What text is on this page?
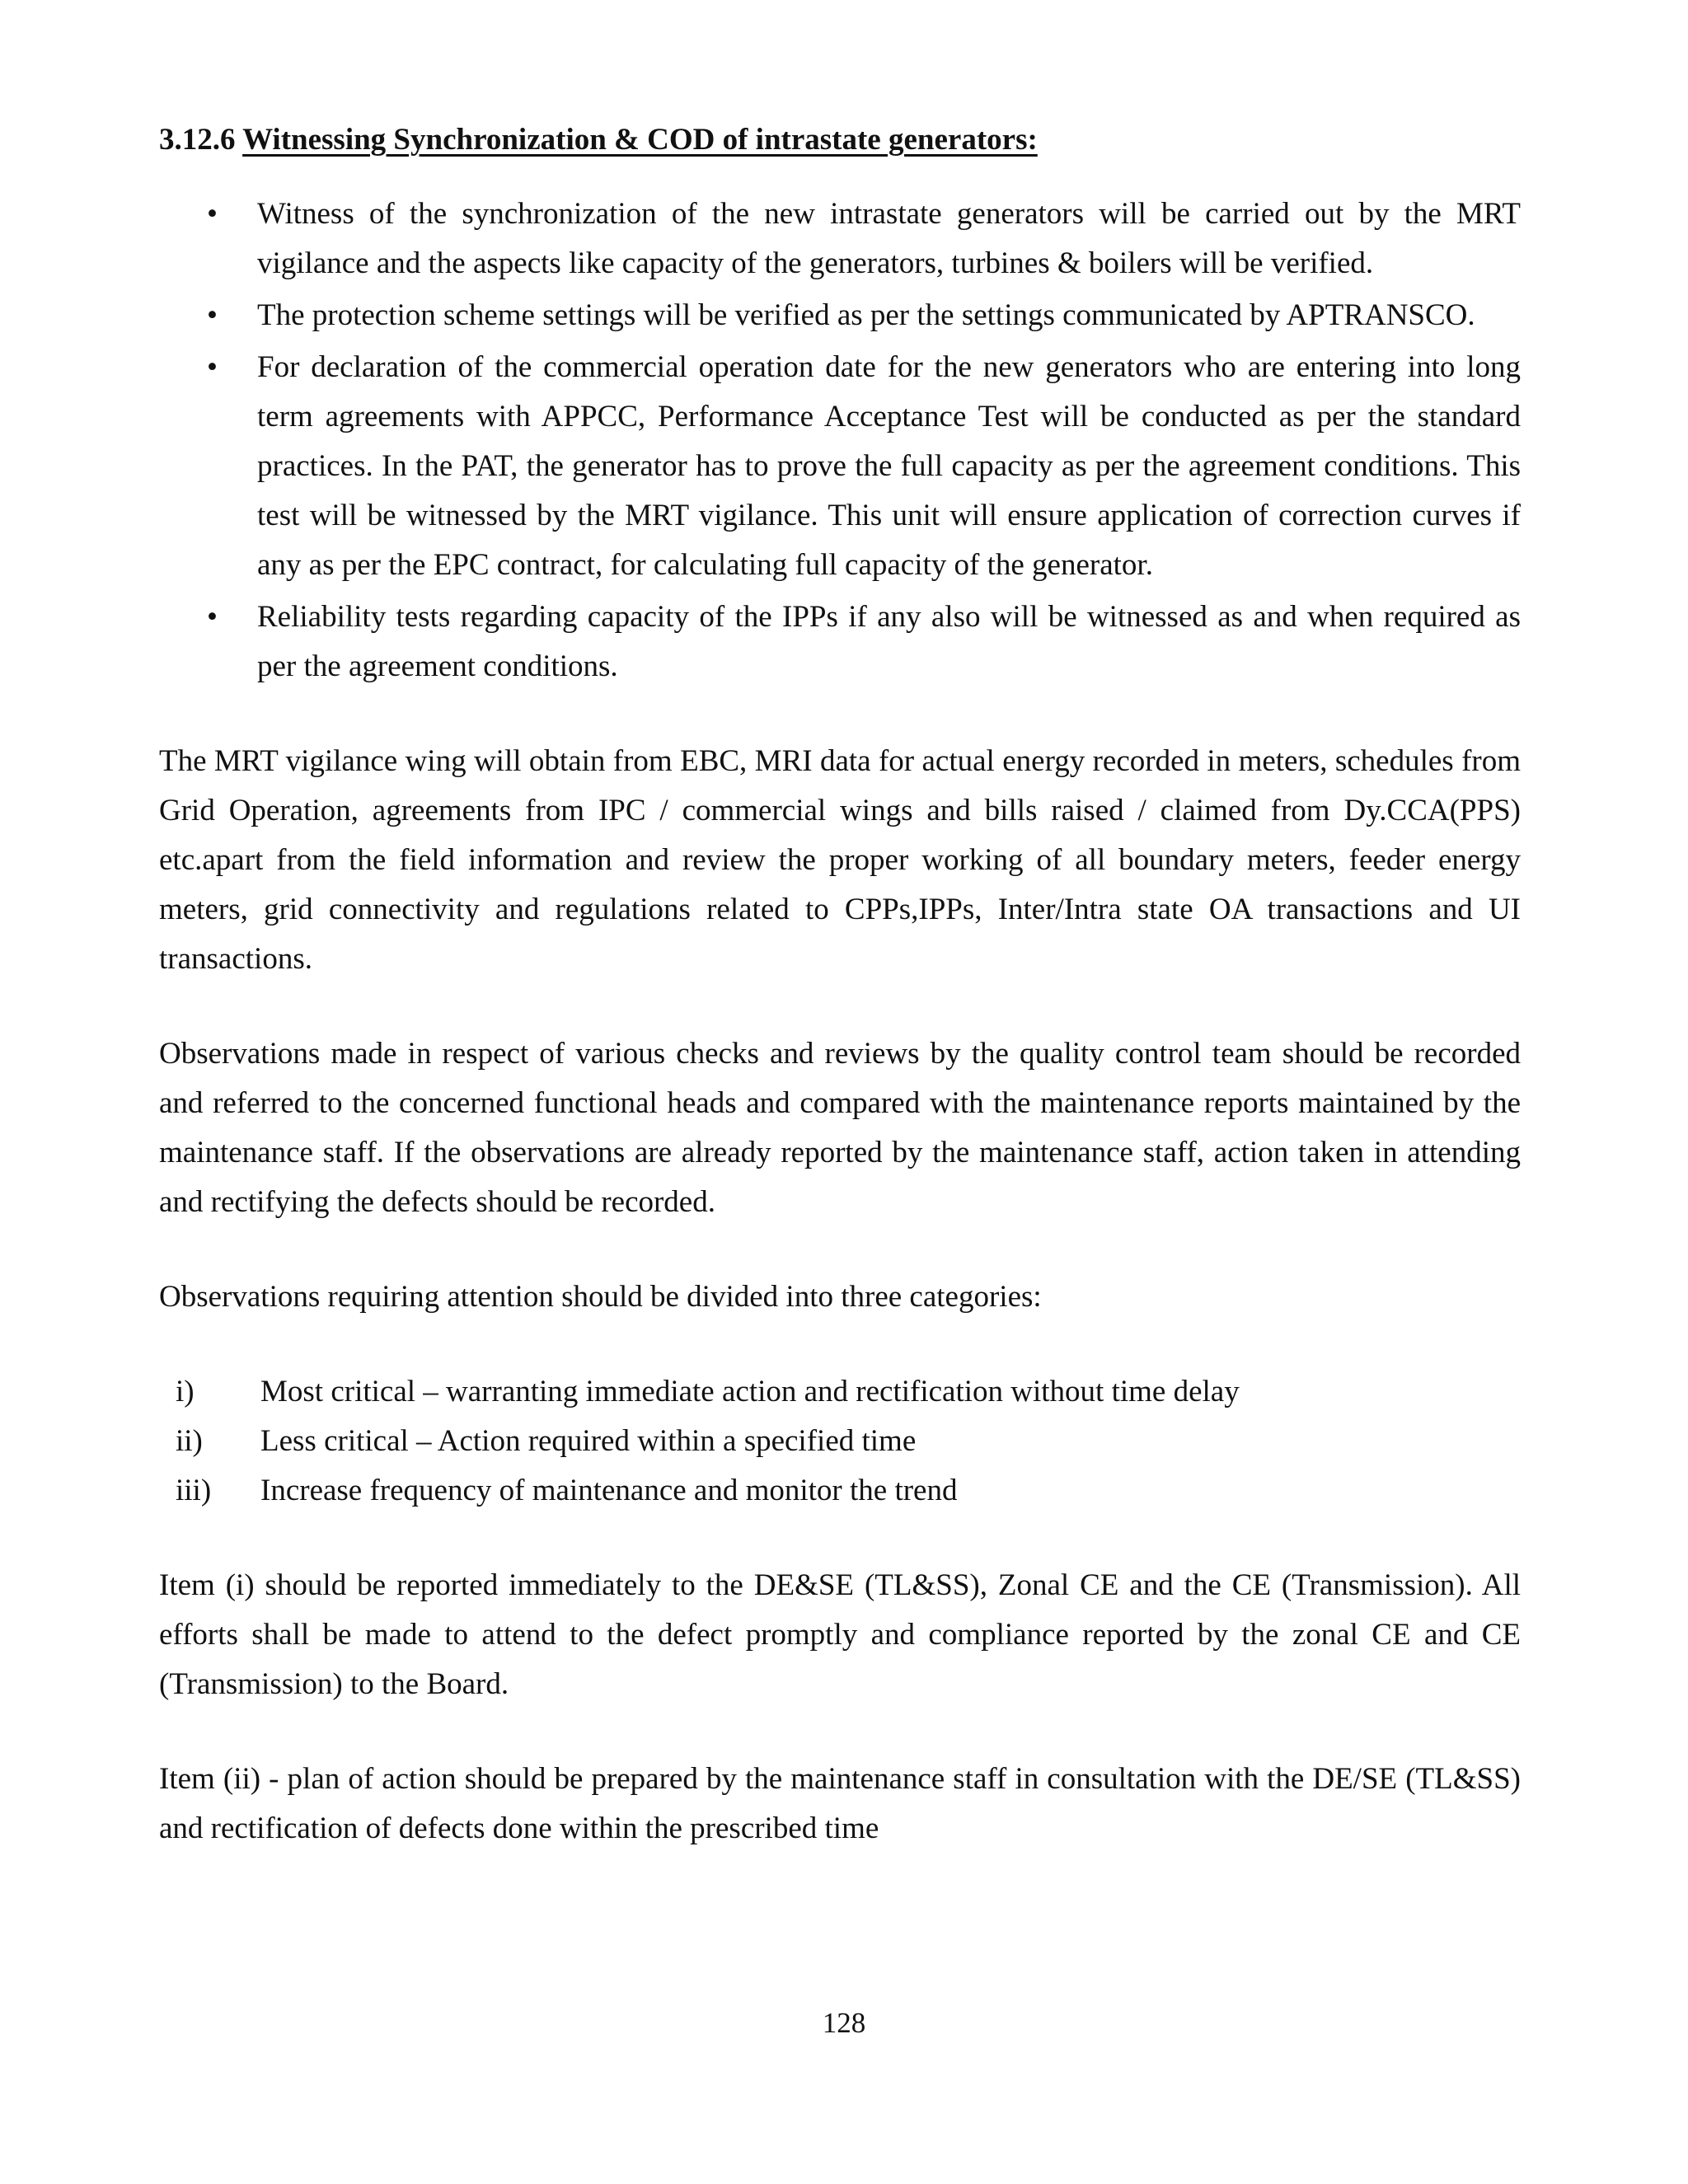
3.12.6 Witnessing Synchronization & COD of intrastate generators:
• Witness of the synchronization of the new intrastate generators will be carried out by the MRT vigilance and the aspects like capacity of the generators, turbines & boilers will be verified.
• The protection scheme settings will be verified as per the settings communicated by APTRANSCO.
• For declaration of the commercial operation date for the new generators who are entering into long term agreements with APPCC, Performance Acceptance Test will be conducted as per the standard practices. In the PAT, the generator has to prove the full capacity as per the agreement conditions. This test will be witnessed by the MRT vigilance. This unit will ensure application of correction curves if any as per the EPC contract, for calculating full capacity of the generator.
• Reliability tests regarding capacity of the IPPs if any also will be witnessed as and when required as per the agreement conditions.

The MRT vigilance wing will obtain from EBC, MRI data for actual energy recorded in meters, schedules from Grid Operation, agreements from IPC / commercial wings and bills raised / claimed from Dy.CCA(PPS) etc.apart from the field information and review the proper working of all boundary meters, feeder energy meters, grid connectivity and regulations related to CPPs,IPPs, Inter/Intra state OA transactions and UI transactions.

Observations made in respect of various checks and reviews by the quality control team should be recorded and referred to the concerned functional heads and compared with the maintenance reports maintained by the maintenance staff. If the observations are already reported by the maintenance staff, action taken in attending and rectifying the defects should be recorded.

Observations requiring attention should be divided into three categories:

i) Most critical – warranting immediate action and rectification without time delay
ii) Less critical – Action required within a specified time
iii) Increase frequency of maintenance and monitor the trend

Item (i) should be reported immediately to the DE&SE (TL&SS), Zonal CE and the CE (Transmission). All efforts shall be made to attend to the defect promptly and compliance reported by the zonal CE and CE (Transmission) to the Board.

Item (ii) - plan of action should be prepared by the maintenance staff in consultation with the DE/SE (TL&SS) and rectification of defects done within the prescribed time

128
